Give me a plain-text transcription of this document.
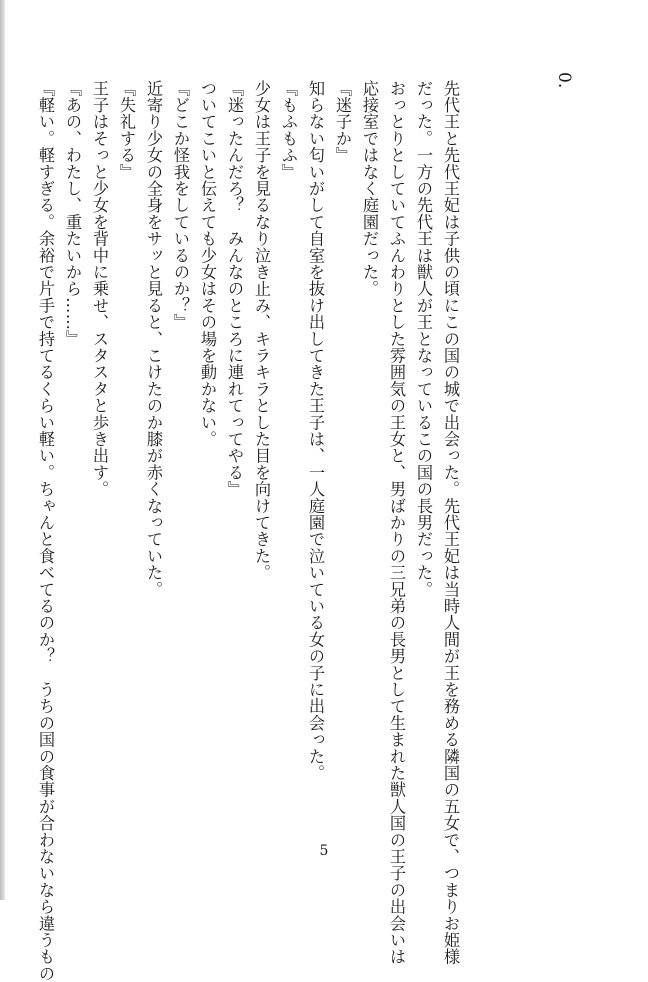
0.
先代王と先代王妃は子供の頃にこの国の城で出会った。先代王妃は当時人間が王を務める隣国の五女で、つまりお姫様
だった。一方の先代王は獣人が王となっているこの国の長男だった。
おっとりとしていてふんわりとした雰囲気の王女と、男ばかりの三兄弟の長男として生まれた獣人国の王子の出会いは
応接室ではなく庭園だった。
『迷子か』
知らない匂いがして自室を抜け出してきた王子は、一人庭園で泣いている女の子に出会った。
『もふもふ』
少女は王子を見るなり泣き止み、キラキラとした目を向けてきた。
『迷ったんだろ？　みんなのところに連れてってやる』
ついてこいと伝えても少女はその場を動かない。
『どこか怪我をしているのか？』
近寄り少女の全身をサッと見ると、こけたのか膝が赤くなっていた。
『失礼する』
王子はそっと少女を背中に乗せ、スタスタと歩き出す。
『あの、わたし、重たいから……』
『軽い。軽すぎる。余裕で片手で持てるくらい軽い。ちゃんと食べてるのか？　うちの国の食事が合わないなら違うもの	5
